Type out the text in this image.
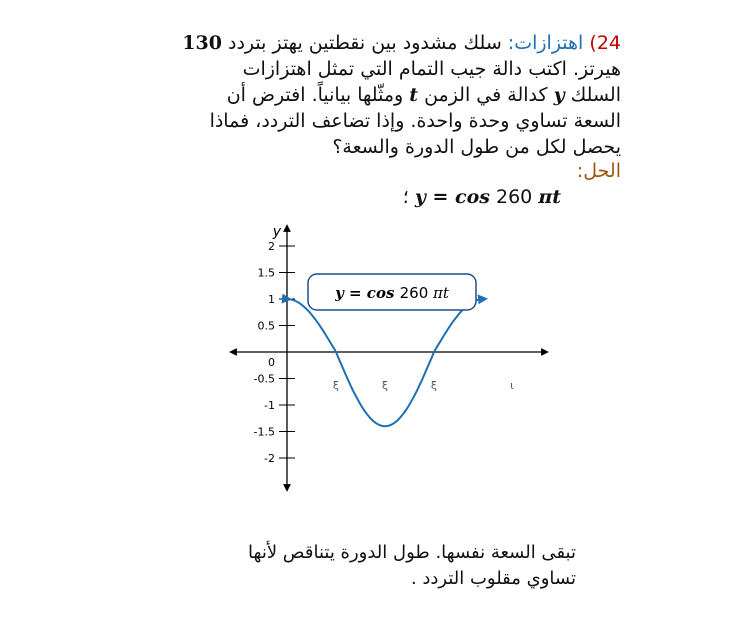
24) اهتزازات: سلك مشدود بين نقطتين يهتز بتردد 130
هيرتز. اكتب دالة جيب التمام التي تمثل اهتزازات
السلك y كدالة في الزمن t ومثّلها بيانياً. افترض أن
السعة تساوي وحدة واحدة. وإذا تضاعف التردد، فماذا
يحصل لكل من طول الدورة والسعة؟
الحل:
؛ y = cos 260 πt
y
2
1.5
1
0.5
0
-0.5
-1
-1.5
-2
ξ	ξ	ξ	ι
y = cos 260 πt
تبقى السعة نفسها. طول الدورة يتناقص لأنها
تساوي مقلوب التردد .
